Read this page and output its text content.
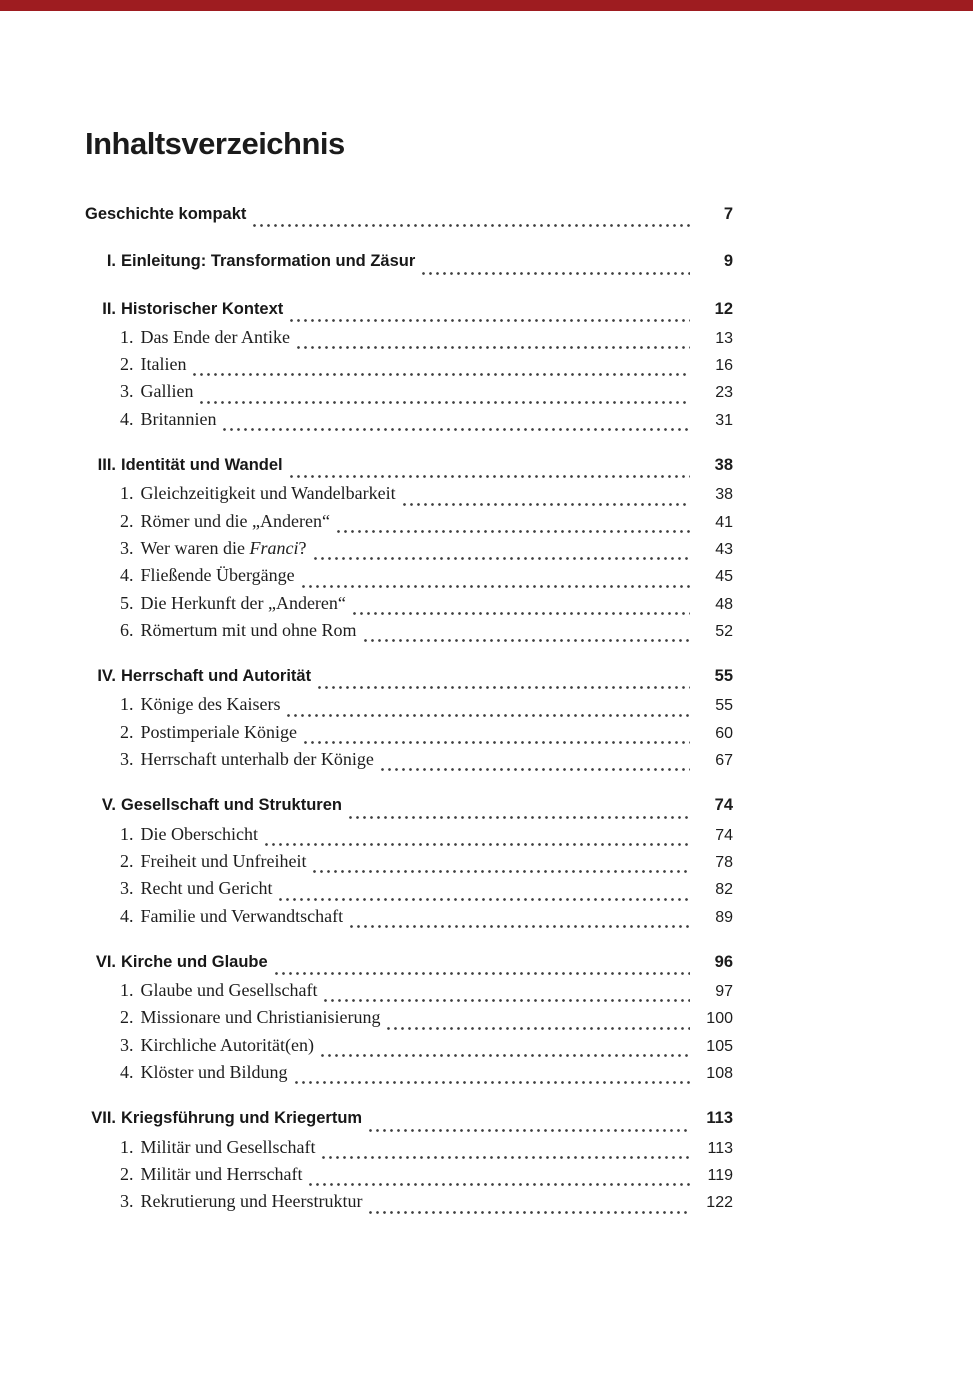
Inhaltsverzeichnis
Geschichte kompakt	7
I. Einleitung: Transformation und Zäsur	9
II. Historischer Kontext	12
1. Das Ende der Antike	13
2. Italien	16
3. Gallien	23
4. Britannien	31
III. Identität und Wandel	38
1. Gleichzeitigkeit und Wandelbarkeit	38
2. Römer und die „Anderen“	41
3. Wer waren die Franci?	43
4. Fließende Übergänge	45
5. Die Herkunft der „Anderen“	48
6. Römertum mit und ohne Rom	52
IV. Herrschaft und Autorität	55
1. Könige des Kaisers	55
2. Postimperiale Könige	60
3. Herrschaft unterhalb der Könige	67
V. Gesellschaft und Strukturen	74
1. Die Oberschicht	74
2. Freiheit und Unfreiheit	78
3. Recht und Gericht	82
4. Familie und Verwandtschaft	89
VI. Kirche und Glaube	96
1. Glaube und Gesellschaft	97
2. Missionare und Christianisierung	100
3. Kirchliche Autorität(en)	105
4. Klöster und Bildung	108
VII. Kriegsführung und Kriegertum	113
1. Militär und Gesellschaft	113
2. Militär und Herrschaft	119
3. Rekrutierung und Heerstruktur	122
